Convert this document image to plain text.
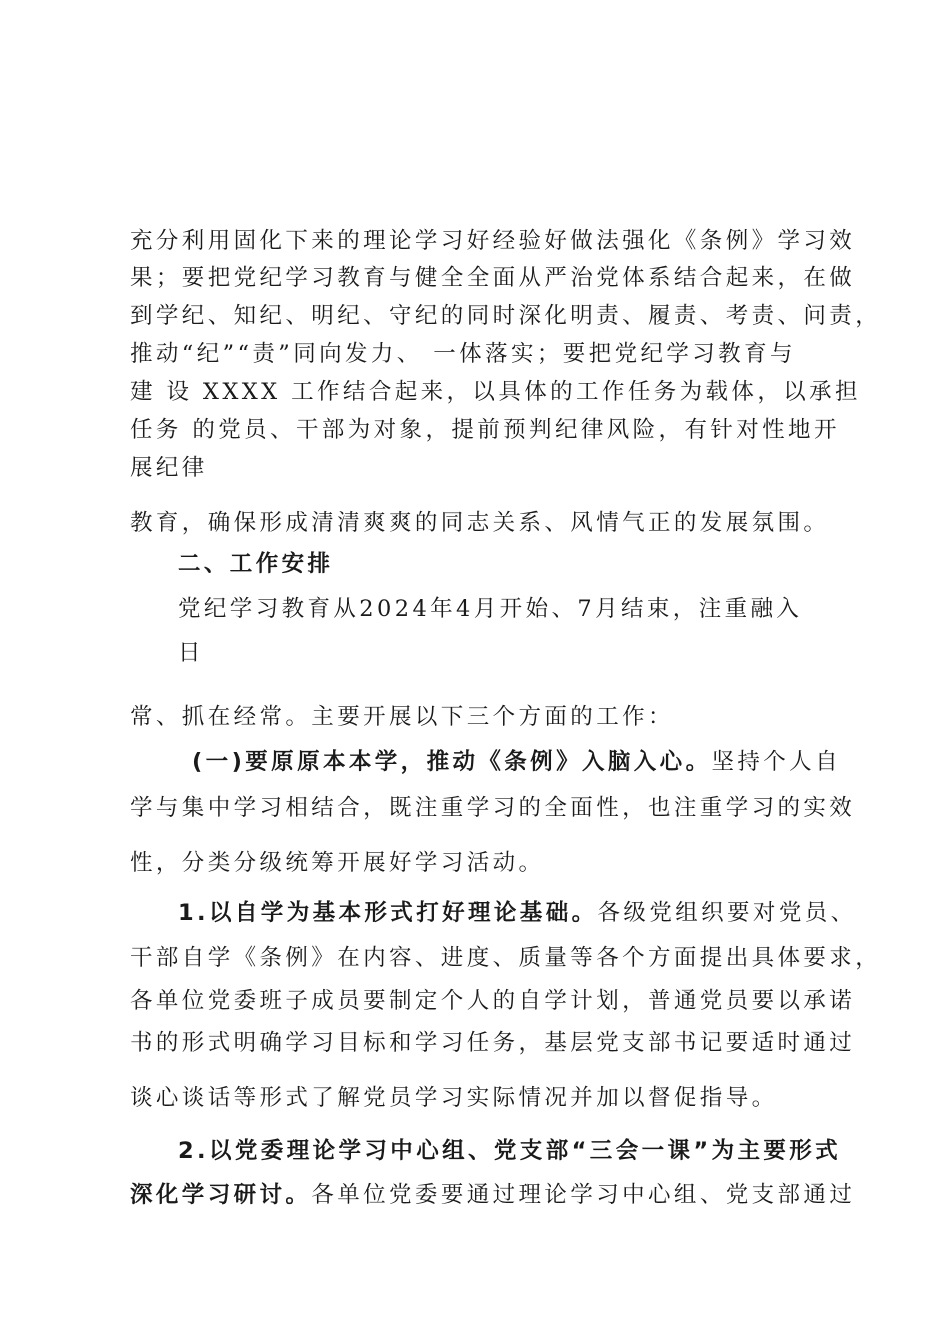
充分利用固化下来的理论学习好经验好做法强化《条例》学习效
果；要把党纪学习教育与健全全面从严治党体系结合起来，在做
到学纪、知纪、明纪、守纪的同时深化明责、履责、考责、问责，
推动“纪”“责”同向发力、 一体落实；要把党纪学习教育与
建 设 XXXX 工作结合起来，以具体的工作任务为载体，以承担
任务 的党员、干部为对象，提前预判纪律风险，有针对性地开
展纪律
教育，确保形成清清爽爽的同志关系、风情气正的发展氛围。
二、工作安排
党纪学习教育从2024年4月开始、7月结束，注重融入
日
常、抓在经常。主要开展以下三个方面的工作：
(一)要原原本本学，推动《条例》入脑入心。坚持个人自
学与集中学习相结合，既注重学习的全面性，也注重学习的实效
性，分类分级统筹开展好学习活动。
1.以自学为基本形式打好理论基础。各级党组织要对党员、
干部自学《条例》在内容、进度、质量等各个方面提出具体要求，
各单位党委班子成员要制定个人的自学计划，普通党员要以承诺
书的形式明确学习目标和学习任务，基层党支部书记要适时通过
谈心谈话等形式了解党员学习实际情况并加以督促指导。
2.以党委理论学习中心组、党支部“三会一课”为主要形式
深化学习研讨。各单位党委要通过理论学习中心组、党支部通过
